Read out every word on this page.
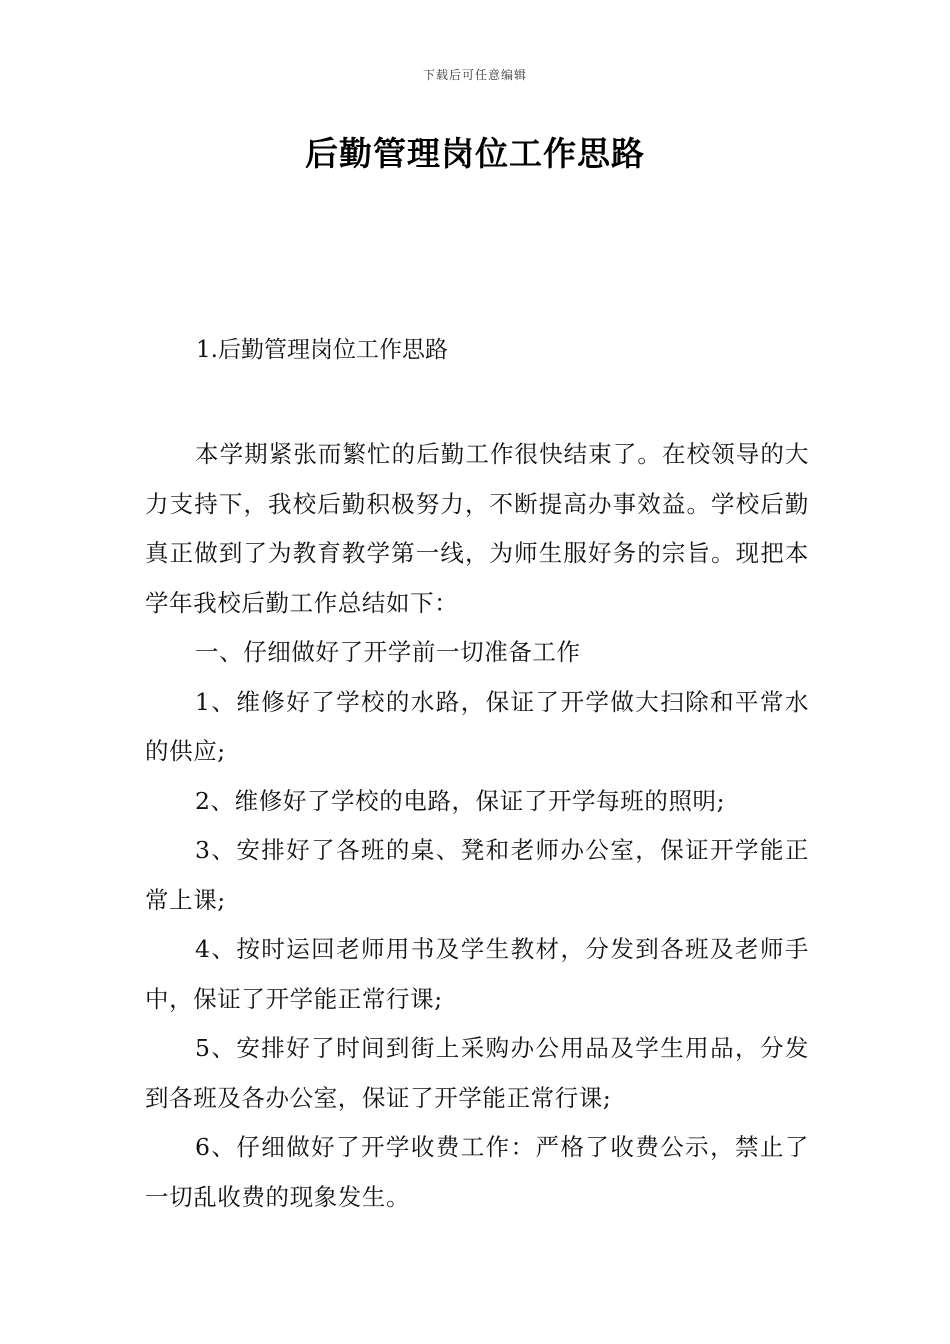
下载后可任意编辑
后勤管理岗位工作思路
1.后勤管理岗位工作思路

本学期紧张而繁忙的后勤工作很快结束了。在校领导的大力支持下，我校后勤积极努力，不断提高办事效益。学校后勤真正做到了为教育教学第一线，为师生服好务的宗旨。现把本学年我校后勤工作总结如下：

一、仔细做好了开学前一切准备工作

1、维修好了学校的水路，保证了开学做大扫除和平常水的供应;

2、维修好了学校的电路，保证了开学每班的照明;

3、安排好了各班的桌、凳和老师办公室，保证开学能正常上课;

4、按时运回老师用书及学生教材，分发到各班及老师手中，保证了开学能正常行课;

5、安排好了时间到街上采购办公用品及学生用品，分发到各班及各办公室，保证了开学能正常行课;

6、仔细做好了开学收费工作：严格了收费公示，禁止了一切乱收费的现象发生。
